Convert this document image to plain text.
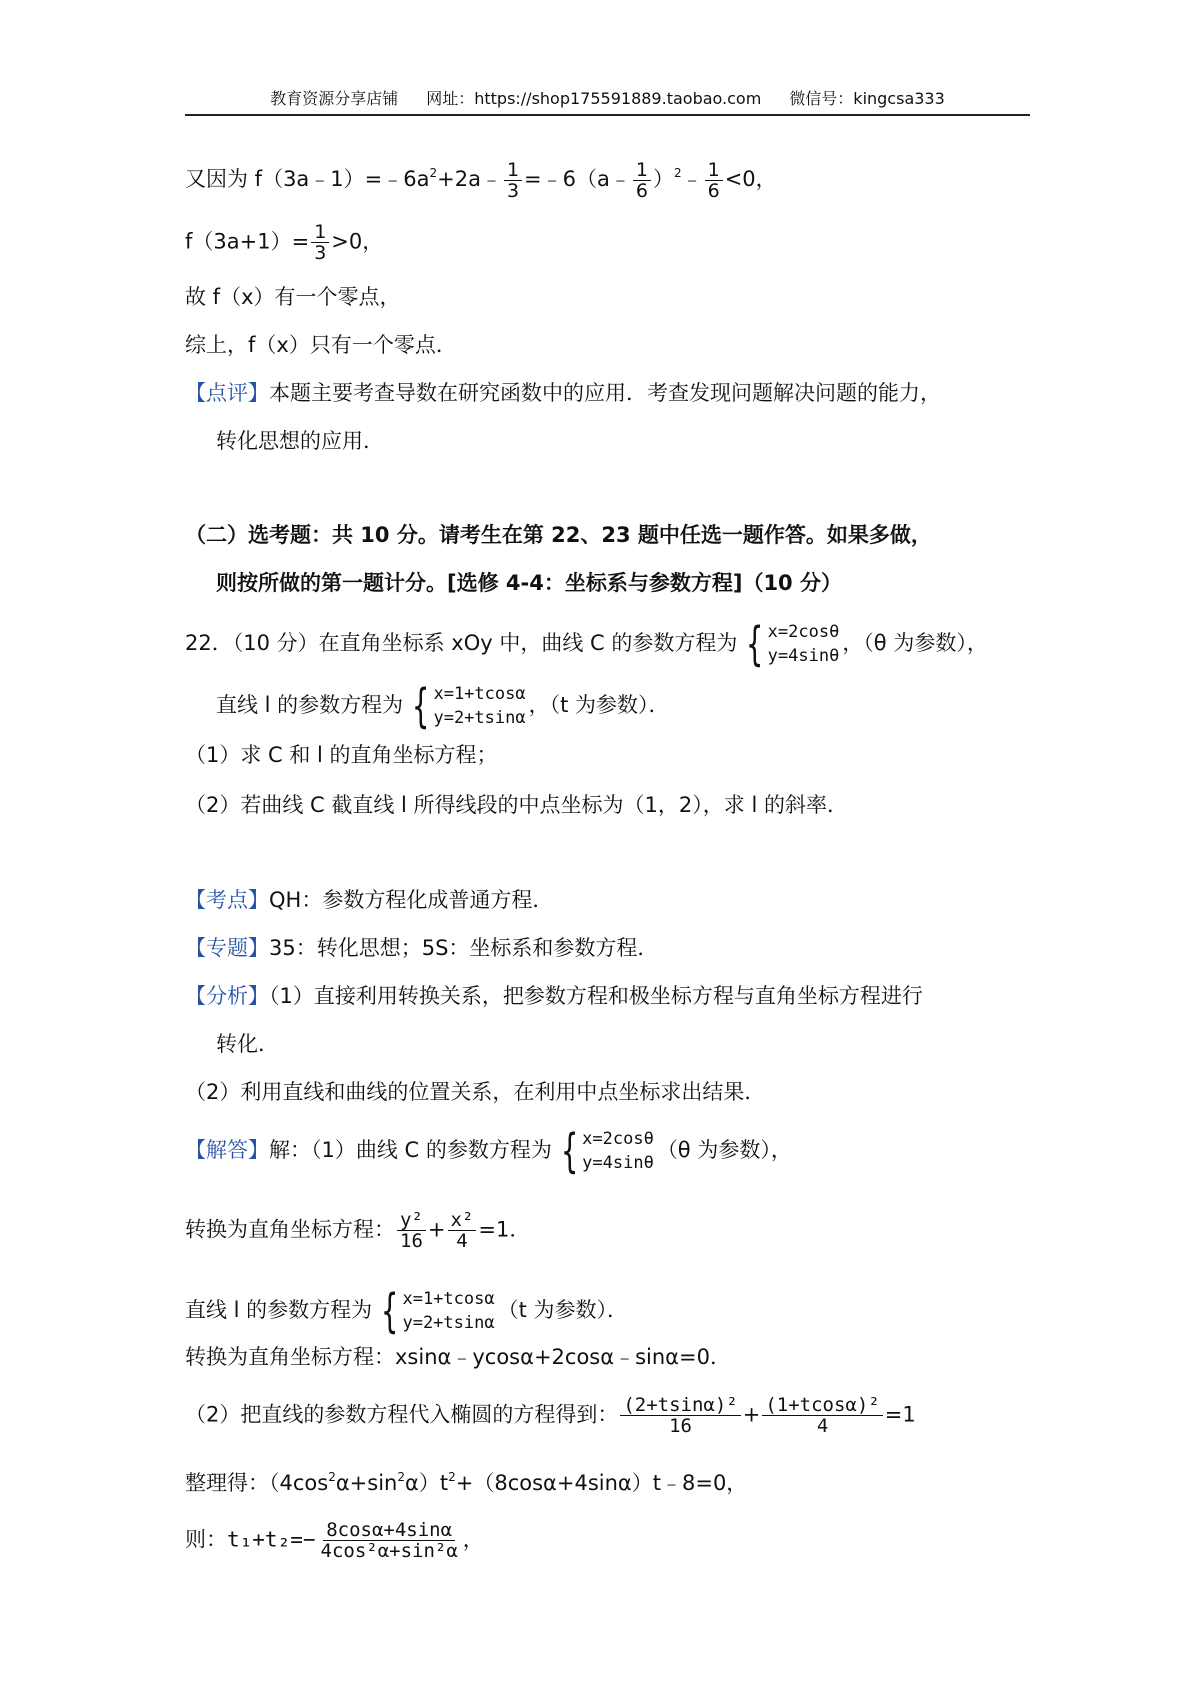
教育资源分享店铺 网址：https://shop175591889.taobao.com 微信号：kingcsa333
又因为 $f(3a﹣1)=﹣6a^2+2a﹣ \frac{1}{3}$ =﹣6（a﹣ $\frac{1}{6}$ ）$^2$﹣ $\frac{1}{6} <0$，
$f(3a+1)= \frac{1}{3} >0$，
故 f（x）有一个零点，
综上，f（x）只有一个零点．
【点评】本题主要考查导数在研究函数中的应用．考查发现问题解决问题的能力，
转化思想的应用．
（二）选考题：共 10 分。请考生在第 22、23 题中任选一题作答。如果多做，
则按所做的第一题计分。[选修 4-4：坐标系与参数方程]（10 分）
22．（10 分）在直角坐标系 xOy 中，曲线 C 的参数方程为 { x=2cosθ
y=4sinθ
，（θ 为参数），
直线 l 的参数方程为 { x=1+tcosα
y=2+tsinα
，（t 为参数）．
（1）求 C 和 l 的直角坐标方程；
（2）若曲线 C 截直线 l 所得线段的中点坐标为（1，2），求 l 的斜率．
【考点】QH：参数方程化成普通方程．
【专题】35：转化思想；5S：坐标系和参数方程．
【分析】（1）直接利用转换关系，把参数方程和极坐标方程与直角坐标方程进行
转化．
（2）利用直线和曲线的位置关系，在利用中点坐标求出结果．
【解答】解：（1）曲线 C 的参数方程为 { x=2cosθ
y=4sinθ
（θ 为参数），
转换为直角坐标方程： $\frac{\text{y²}}{16} + \frac{\text{x²}}{4} =1$．
直线 l 的参数方程为 { x=1+tcosα
y=2+tsinα
（t 为参数）．
转换为直角坐标方程：xsinα﹣ycosα+2cosα﹣sinα=0．
（2）把直线的参数方程代入椭圆的方程得到： $\frac{\text{(2+tsinα)²}}{16} + \frac{\text{(1+tcosα)²}}{4} =1$
整理得：$(4\cos^2\alpha+\sin^2\alpha)t^2+(8\cos\alpha+4\sin\alpha)t﹣8=0$，
则：$t_1+t_2=- \frac{8\cos\alpha+4\sin\alpha}{\text{4cos²α+sin²α}}$ ，
